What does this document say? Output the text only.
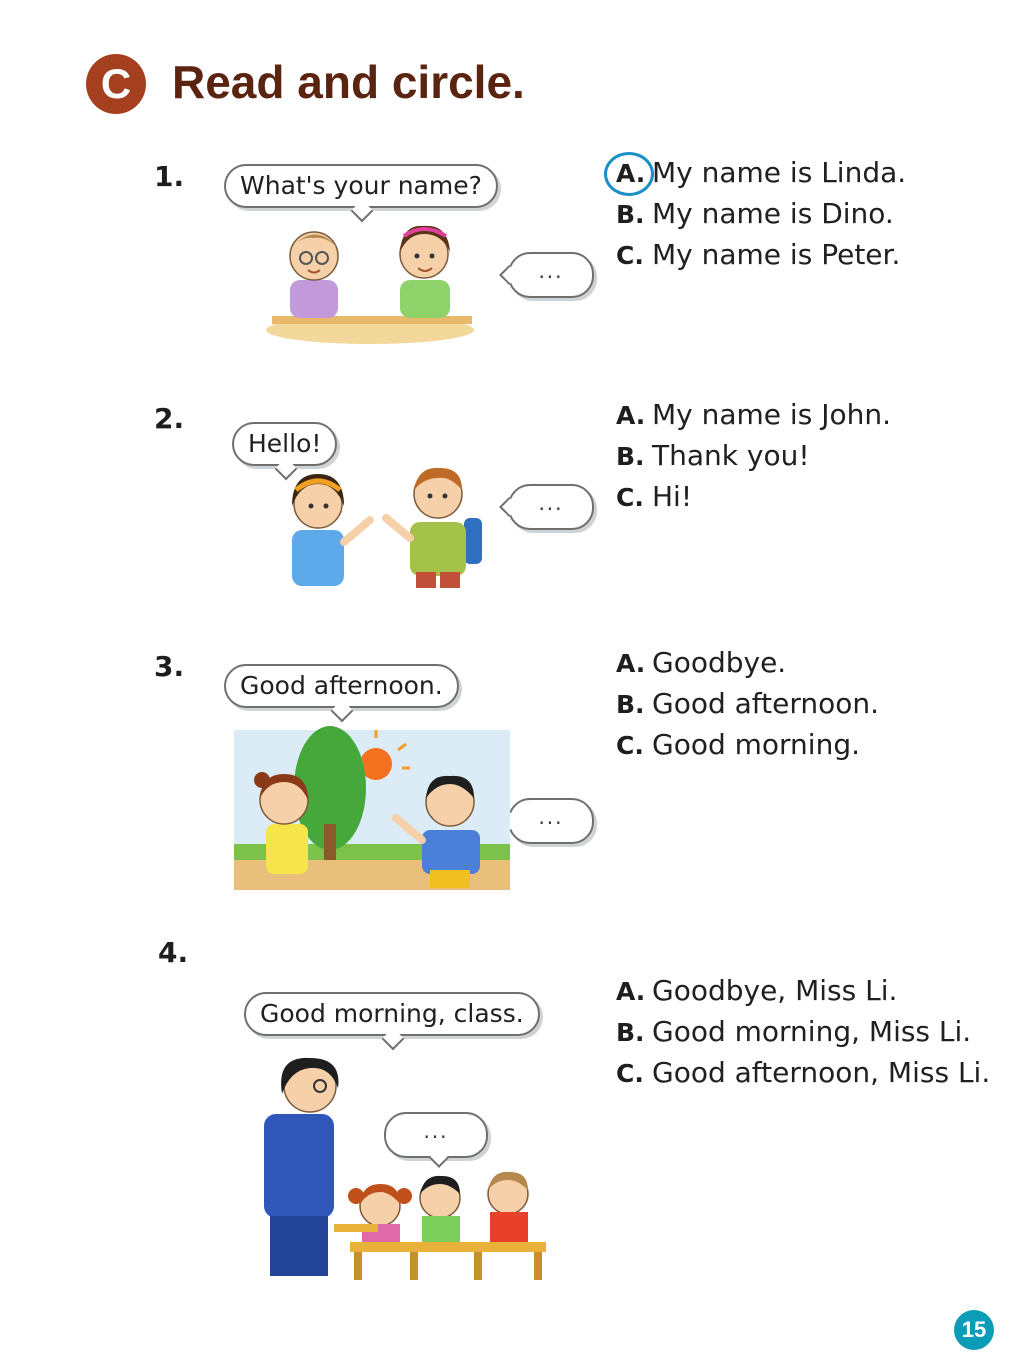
C Read and circle.
1.	What's your name?
...
A. My name is Linda.
B. My name is Dino.
C. My name is Peter.
2.
Hello!
...
A. My name is John.
B. Thank you!
C. Hi!
3.
Good afternoon.
...
A. Goodbye.
B. Good afternoon.
C. Good morning.
4.
Good morning, class.
...
A. Goodbye, Miss Li.
B. Good morning, Miss Li.
C. Good afternoon, Miss Li.
15
